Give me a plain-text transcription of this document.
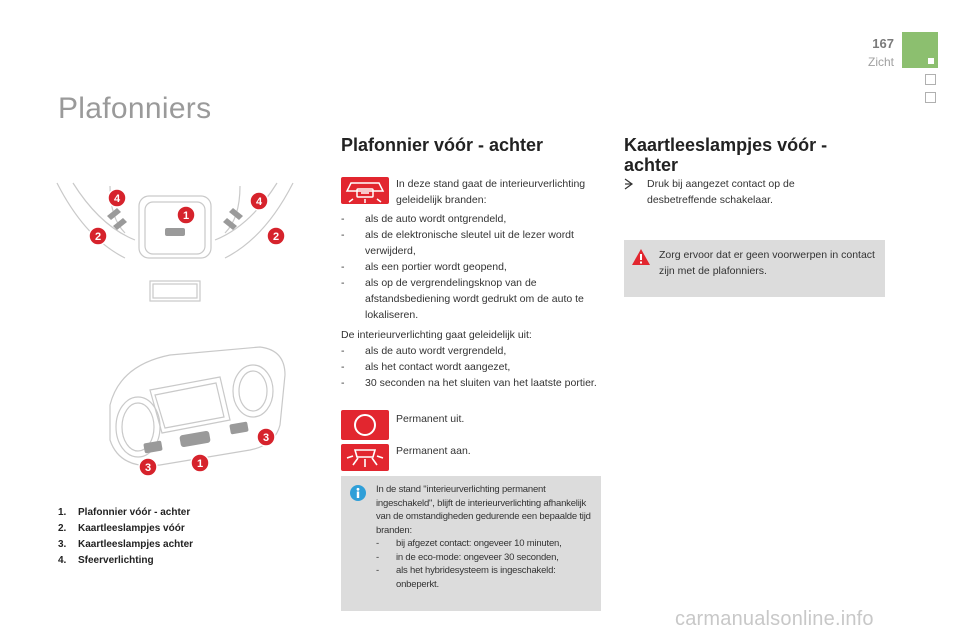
167
Zicht
Plafonniers
4	4
1
2	2
3
3	1
1. Plafonnier vóór - achter
2. Kaartleeslampjes vóór
3. Kaartleeslampjes achter
4. Sfeerverlichting
Plafonnier vóór - achter
In deze stand gaat de interieurverlichting geleidelijk branden:
- als de auto wordt ontgrendeld,
- als de elektronische sleutel uit de lezer wordt verwijderd,
- als een portier wordt geopend,
- als op de vergrendelingsknop van de afstandsbediening wordt gedrukt om de auto te lokaliseren.
De interieurverlichting gaat geleidelijk uit:
- als de auto wordt vergrendeld,
- als het contact wordt aangezet,
- 30 seconden na het sluiten van het laatste portier.
Permanent uit.
Permanent aan.
In de stand "interieurverlichting permanent ingeschakeld", blijft de interieurverlichting afhankelijk van de omstandigheden gedurende een bepaalde tijd branden:
- bij afgezet contact: ongeveer 10 minuten,
- in de eco-mode: ongeveer 30 seconden,
- als het hybridesysteem is ingeschakeld: onbeperkt.
Kaartleeslampjes vóór - achter
Druk bij aangezet contact op de desbetreffende schakelaar.
Zorg ervoor dat er geen voorwerpen in contact zijn met de plafonniers.
carmanualsonline.info
